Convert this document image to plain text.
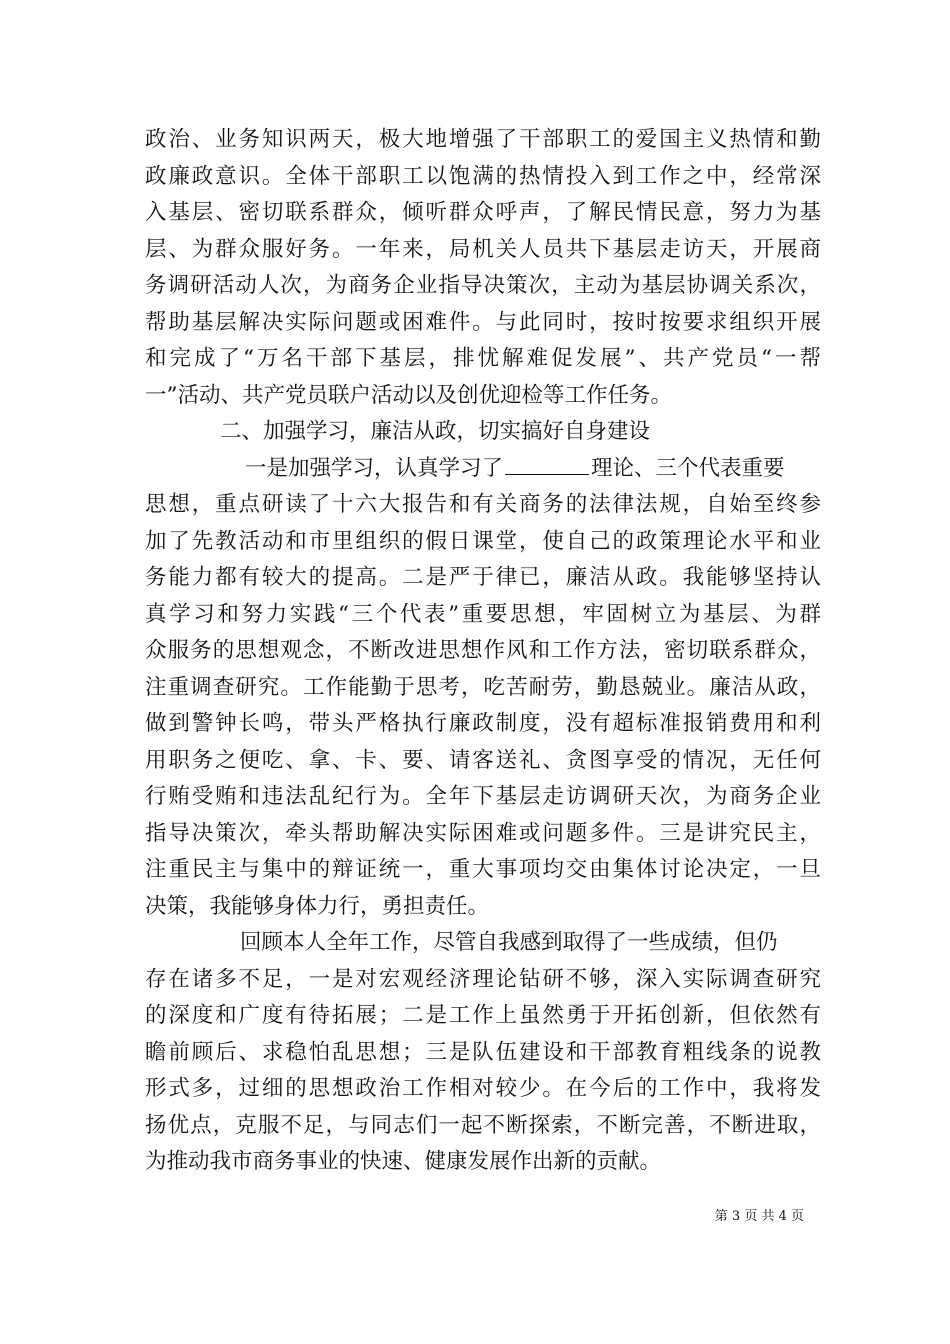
政治、业务知识两天，极大地增强了干部职工的爱国主义热情和勤
政廉政意识。全体干部职工以饱满的热情投入到工作之中，经常深
入基层、密切联系群众，倾听群众呼声，了解民情民意，努力为基
层、为群众服好务。一年来，局机关人员共下基层走访天，开展商
务调研活动人次，为商务企业指导决策次，主动为基层协调关系次，
帮助基层解决实际问题或困难件。与此同时，按时按要求组织开展
和完成了“万名干部下基层，排忧解难促发展”、共产党员“一帮
一”活动、共产党员联户活动以及创优迎检等工作任务。
二、加强学习，廉洁从政，切实搞好自身建设
一是加强学习，认真学习了	理论、三个代表重要
思想，重点研读了十六大报告和有关商务的法律法规，自始至终参
加了先教活动和市里组织的假日课堂，使自己的政策理论水平和业
务能力都有较大的提高。二是严于律已，廉洁从政。我能够坚持认
真学习和努力实践“三个代表”重要思想，牢固树立为基层、为群
众服务的思想观念，不断改进思想作风和工作方法，密切联系群众，
注重调查研究。工作能勤于思考，吃苦耐劳，勤恳兢业。廉洁从政，
做到警钟长鸣，带头严格执行廉政制度，没有超标准报销费用和利
用职务之便吃、拿、卡、要、请客送礼、贪图享受的情况，无任何
行贿受贿和违法乱纪行为。全年下基层走访调研天次，为商务企业
指导决策次，牵头帮助解决实际困难或问题多件。三是讲究民主，
注重民主与集中的辩证统一，重大事项均交由集体讨论决定，一旦
决策，我能够身体力行，勇担责任。
回顾本人全年工作，尽管自我感到取得了一些成绩，但仍
存在诸多不足，一是对宏观经济理论钻研不够，深入实际调查研究
的深度和广度有待拓展；二是工作上虽然勇于开拓创新，但依然有
瞻前顾后、求稳怕乱思想；三是队伍建设和干部教育粗线条的说教
形式多，过细的思想政治工作相对较少。在今后的工作中，我将发
扬优点，克服不足，与同志们一起不断探索，不断完善，不断进取，
为推动我市商务事业的快速、健康发展作出新的贡献。
第 3 页 共 4 页
